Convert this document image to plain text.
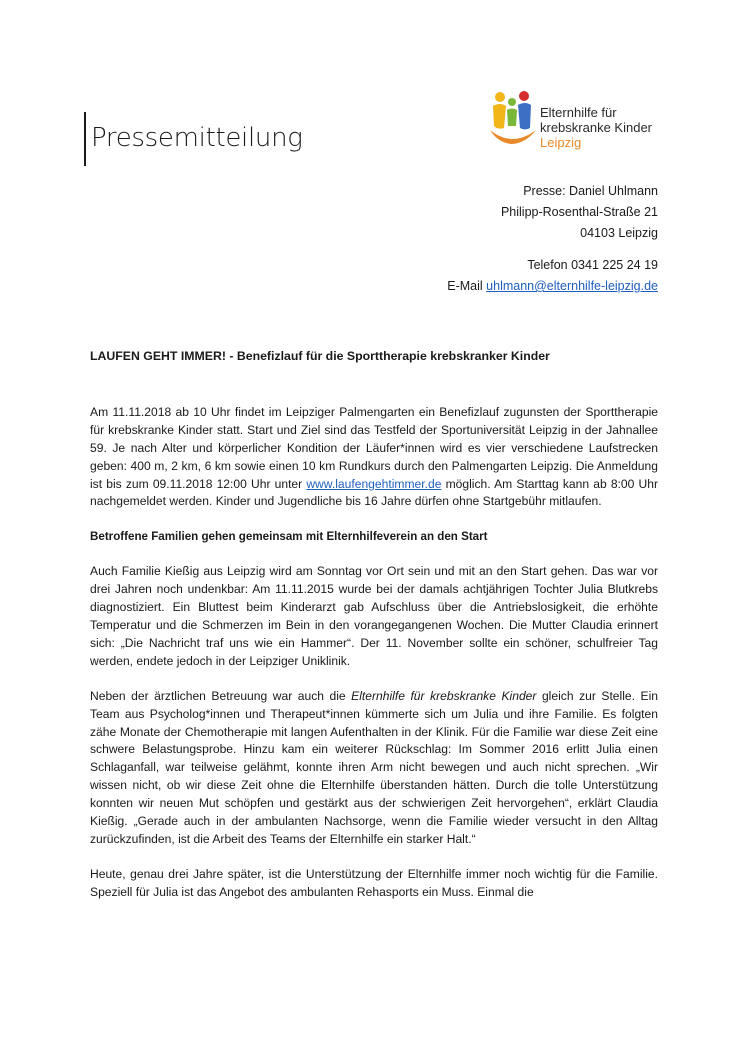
Pressemitteilung
Elternhilfe für
krebskranke Kinder
Leipzig
Presse: Daniel Uhlmann
Philipp-Rosenthal-Straße 21
04103 Leipzig
Telefon 0341 225 24 19
E-Mail uhlmann@elternhilfe-leipzig.de
LAUFEN GEHT IMMER! - Benefizlauf für die Sporttherapie krebskranker Kinder

Am 11.11.2018 ab 10 Uhr findet im Leipziger Palmengarten ein Benefizlauf zugunsten der Sporttherapie für krebskranke Kinder statt. Start und Ziel sind das Testfeld der Sportuniversität Leipzig in der Jahnallee 59. Je nach Alter und körperlicher Kondition der Läufer*innen wird es vier verschiedene Laufstrecken geben: 400 m, 2 km, 6 km sowie einen 10 km Rundkurs durch den Palmengarten Leipzig. Die Anmeldung ist bis zum 09.11.2018 12:00 Uhr unter www.laufengehtimmer.de möglich. Am Starttag kann ab 8:00 Uhr nachgemeldet werden. Kinder und Jugendliche bis 16 Jahre dürfen ohne Startgebühr mitlaufen.

Betroffene Familien gehen gemeinsam mit Elternhilfeverein an den Start

Auch Familie Kießig aus Leipzig wird am Sonntag vor Ort sein und mit an den Start gehen. Das war vor drei Jahren noch undenkbar: Am 11.11.2015 wurde bei der damals achtjährigen Tochter Julia Blutkrebs diagnostiziert. Ein Bluttest beim Kinderarzt gab Aufschluss über die Antriebslosigkeit, die erhöhte Temperatur und die Schmerzen im Bein in den vorangegangenen Wochen. Die Mutter Claudia erinnert sich: „Die Nachricht traf uns wie ein Hammer“. Der 11. November sollte ein schöner, schulfreier Tag werden, endete jedoch in der Leipziger Uniklinik.

Neben der ärztlichen Betreuung war auch die Elternhilfe für krebskranke Kinder gleich zur Stelle. Ein Team aus Psycholog*innen und Therapeut*innen kümmerte sich um Julia und ihre Familie. Es folgten zähe Monate der Chemotherapie mit langen Aufenthalten in der Klinik. Für die Familie war diese Zeit eine schwere Belastungsprobe. Hinzu kam ein weiterer Rückschlag: Im Sommer 2016 erlitt Julia einen Schlaganfall, war teilweise gelähmt, konnte ihren Arm nicht bewegen und auch nicht sprechen. „Wir wissen nicht, ob wir diese Zeit ohne die Elternhilfe überstanden hätten. Durch die tolle Unterstützung konnten wir neuen Mut schöpfen und gestärkt aus der schwierigen Zeit hervorgehen“, erklärt Claudia Kießig. „Gerade auch in der ambulanten Nachsorge, wenn die Familie wieder versucht in den Alltag zurückzufinden, ist die Arbeit des Teams der Elternhilfe ein starker Halt.“

Heute, genau drei Jahre später, ist die Unterstützung der Elternhilfe immer noch wichtig für die Familie. Speziell für Julia ist das Angebot des ambulanten Rehasports ein Muss. Einmal die
